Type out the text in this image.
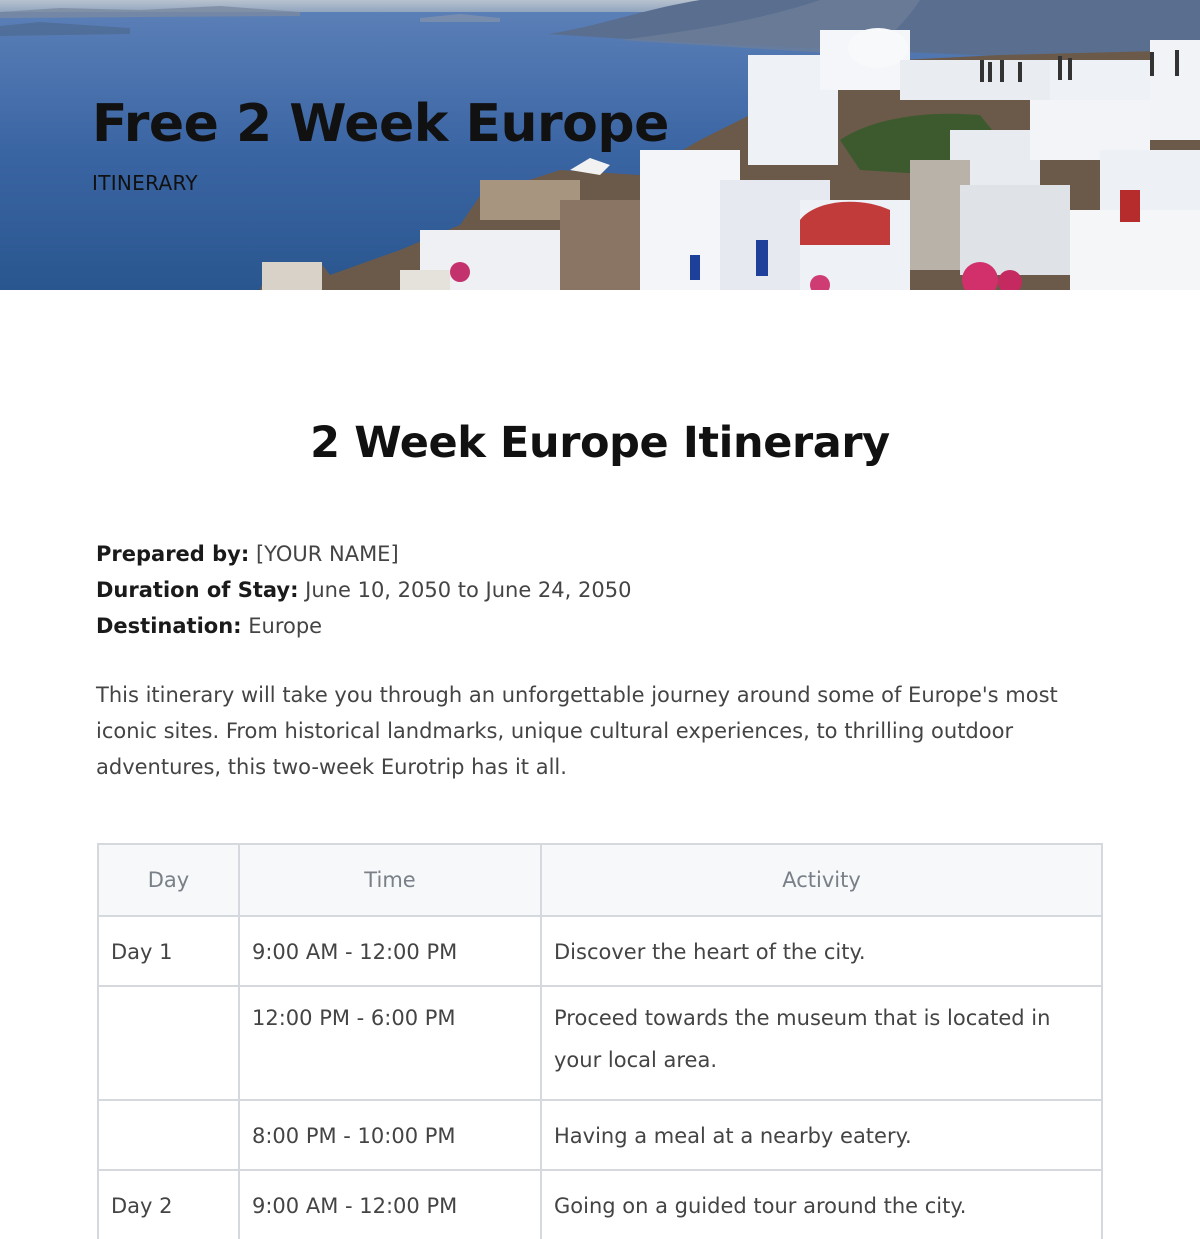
Free 2 Week Europe
ITINERARY
2 Week Europe Itinerary
Prepared by: [YOUR NAME]
Duration of Stay: June 10, 2050 to June 24, 2050
Destination: Europe

This itinerary will take you through an unforgettable journey around some of Europe's most iconic sites. From historical landmarks, unique cultural experiences, to thrilling outdoor adventures, this two-week Eurotrip has it all.

Day	Time	Activity
Day 1	9:00 AM - 12:00 PM	Discover the heart of the city.
	12:00 PM - 6:00 PM	Proceed towards the museum that is located in your local area.
	8:00 PM - 10:00 PM	Having a meal at a nearby eatery.
Day 2	9:00 AM - 12:00 PM	Going on a guided tour around the city.
